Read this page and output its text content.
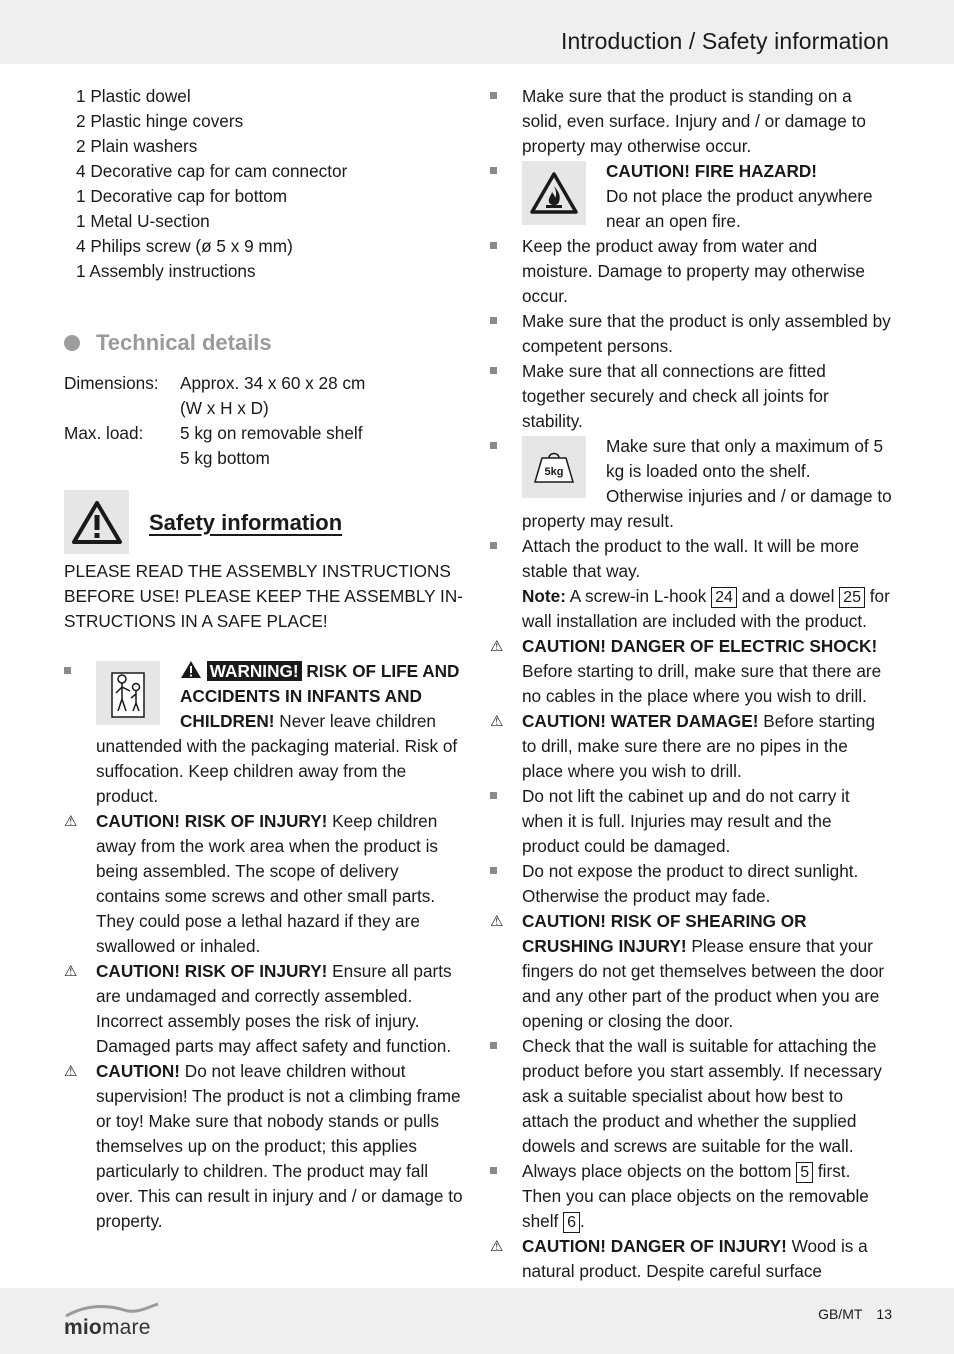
Introduction / Safety information
1 Plastic dowel
2 Plastic hinge covers
2 Plain washers
4 Decorative cap for cam connector
1 Decorative cap for bottom
1 Metal U-section
4 Philips screw (ø 5 x 9 mm)
1 Assembly instructions
Technical details
Dimensions:	Approx. 34 x 60 x 28 cm
(W x H x D)
Max. load:	5 kg on removable shelf
5 kg bottom
Safety information
PLEASE READ THE ASSEMBLY INSTRUCTIONS
BEFORE USE! PLEASE KEEP THE ASSEMBLY IN-
STRUCTIONS IN A SAFE PLACE!
WARNING! RISK OF LIFE AND ACCIDENTS IN INFANTS AND CHILDREN! Never leave children unattended with the packaging material. Risk of suffocation. Keep children away from the product.
⚠	CAUTION! RISK OF INJURY! Keep children away from the work area when the product is being assembled. The scope of delivery contains some screws and other small parts. They could pose a lethal hazard if they are swallowed or inhaled.
⚠	CAUTION! RISK OF INJURY! Ensure all parts are undamaged and correctly assembled. Incorrect assembly poses the risk of injury. Damaged parts may affect safety and function.
⚠	CAUTION! Do not leave children without supervision! The product is not a climbing frame or toy! Make sure that nobody stands or pulls themselves up on the product; this applies particularly to children. The product may fall over. This can result in injury and / or damage to property.
Make sure that the product is standing on a solid, even surface. Injury and / or damage to property may otherwise occur.
CAUTION! FIRE HAZARD!
Do not place the product anywhere near an open fire.
Keep the product away from water and moisture. Damage to property may otherwise occur.
Make sure that the product is only assembled by competent persons.
Make sure that all connections are fitted together securely and check all joints for stability.
5kg
Make sure that only a maximum of 5 kg is loaded onto the shelf. Otherwise injuries and / or damage to property may result.
Attach the product to the wall. It will be more stable that way.
Note: A screw-in L-hook 24 and a dowel 25 for wall installation are included with the product.
⚠	CAUTION! DANGER OF ELECTRIC SHOCK! Before starting to drill, make sure that there are no cables in the place where you wish to drill.
⚠	CAUTION! WATER DAMAGE! Before starting to drill, make sure there are no pipes in the place where you wish to drill.
Do not lift the cabinet up and do not carry it when it is full. Injuries may result and the product could be damaged.
Do not expose the product to direct sunlight. Otherwise the product may fade.
⚠	CAUTION! RISK OF SHEARING OR CRUSHING INJURY! Please ensure that your fingers do not get themselves between the door and any other part of the product when you are opening or closing the door.
Check that the wall is suitable for attaching the product before you start assembly. If necessary ask a suitable specialist about how best to attach the product and whether the supplied dowels and screws are suitable for the wall.
Always place objects on the bottom 5 first. Then you can place objects on the removable shelf 6 .
⚠	CAUTION! DANGER OF INJURY! Wood is a natural product. Despite careful surface
miomare
GB/MT 13
